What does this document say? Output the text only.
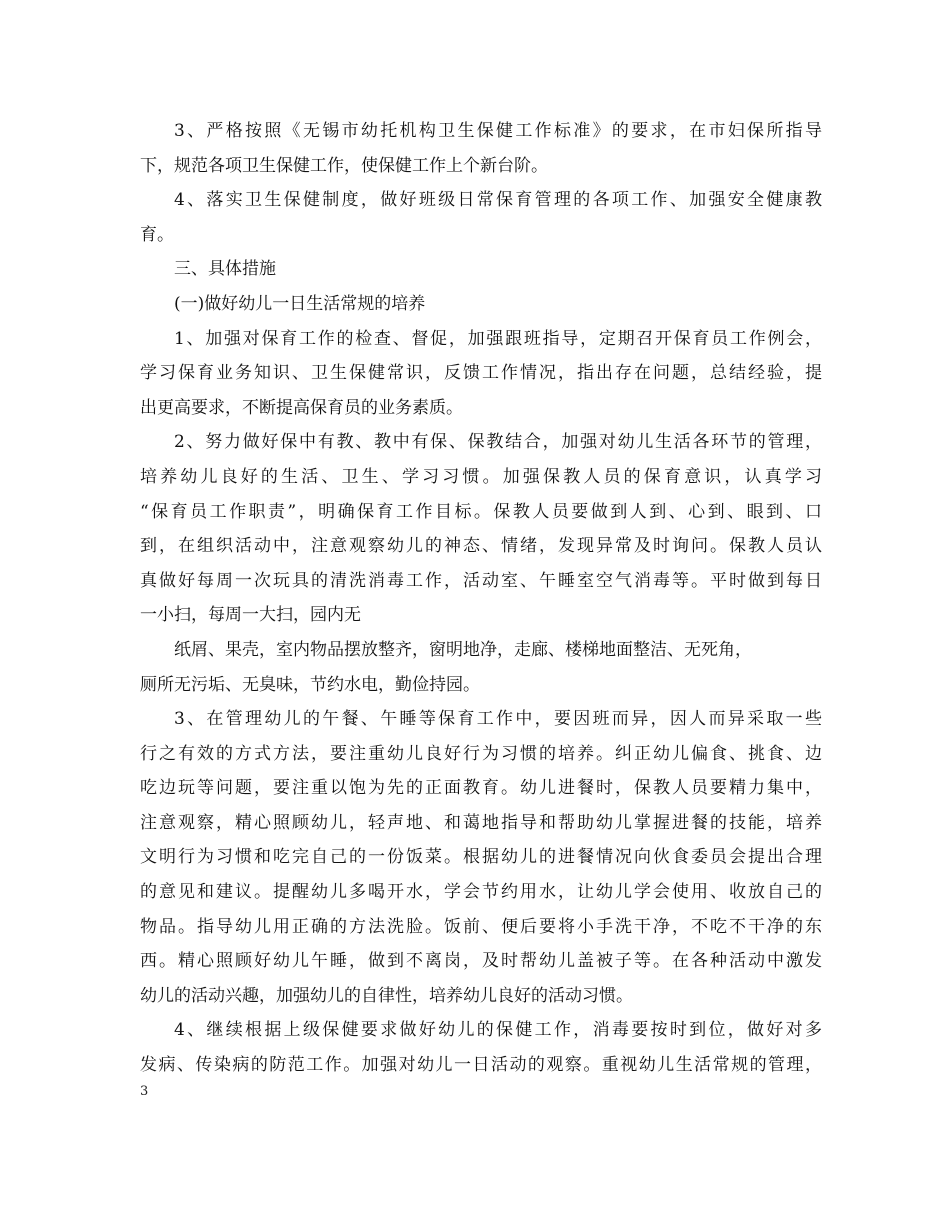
3、严格按照《无锡市幼托机构卫生保健工作标准》的要求，在市妇保所指导
下，规范各项卫生保健工作，使保健工作上个新台阶。
4、落实卫生保健制度，做好班级日常保育管理的各项工作、加强安全健康教
育。
三、具体措施
(一)做好幼儿一日生活常规的培养
1、加强对保育工作的检查、督促，加强跟班指导，定期召开保育员工作例会，
学习保育业务知识、卫生保健常识，反馈工作情况，指出存在问题，总结经验，提
出更高要求，不断提高保育员的业务素质。
2、努力做好保中有教、教中有保、保教结合，加强对幼儿生活各环节的管理，
培养幼儿良好的生活、卫生、学习习惯。加强保教人员的保育意识，认真学习
“保育员工作职责”，明确保育工作目标。保教人员要做到人到、心到、眼到、口
到，在组织活动中，注意观察幼儿的神态、情绪，发现异常及时询问。保教人员认
真做好每周一次玩具的清洗消毒工作，活动室、午睡室空气消毒等。平时做到每日
一小扫，每周一大扫，园内无
纸屑、果壳，室内物品摆放整齐，窗明地净，走廊、楼梯地面整洁、无死角，
厕所无污垢、无臭味，节约水电，勤俭持园。
3、在管理幼儿的午餐、午睡等保育工作中，要因班而异，因人而异采取一些
行之有效的方式方法，要注重幼儿良好行为习惯的培养。纠正幼儿偏食、挑食、边
吃边玩等问题，要注重以饱为先的正面教育。幼儿进餐时，保教人员要精力集中，
注意观察，精心照顾幼儿，轻声地、和蔼地指导和帮助幼儿掌握进餐的技能，培养
文明行为习惯和吃完自己的一份饭菜。根据幼儿的进餐情况向伙食委员会提出合理
的意见和建议。提醒幼儿多喝开水，学会节约用水，让幼儿学会使用、收放自己的
物品。指导幼儿用正确的方法洗脸。饭前、便后要将小手洗干净，不吃不干净的东
西。精心照顾好幼儿午睡，做到不离岗，及时帮幼儿盖被子等。在各种活动中激发
幼儿的活动兴趣，加强幼儿的自律性，培养幼儿良好的活动习惯。
4、继续根据上级保健要求做好幼儿的保健工作，消毒要按时到位，做好对多
发病、传染病的防范工作。加强对幼儿一日活动的观察。重视幼儿生活常规的管理，
3
